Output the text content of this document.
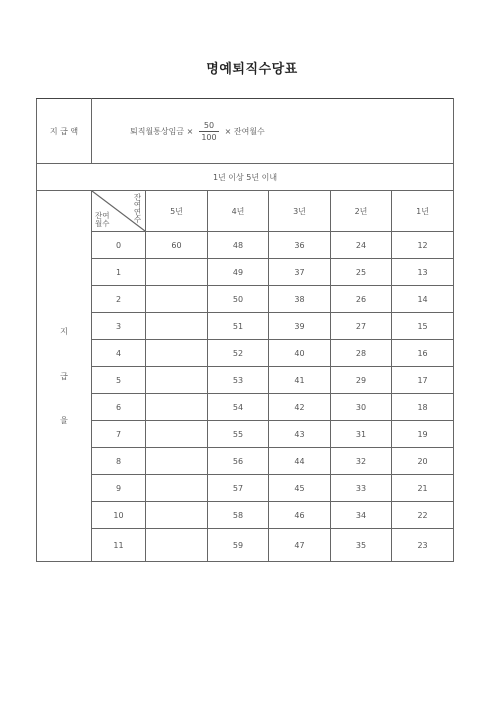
명예퇴직수당표
지 급 액	퇴직월통상임금 × $\frac{50}{100}$ × 잔여월수					

1년 이상 5년 이내						

지
급
율	잔여연수
잔여월수	5년	4년	3년	2년	1년
	0	60	48	36	24	12
	1		49	37	25	13
	2		50	38	26	14
	3		51	39	27	15
	4		52	40	28	16
	5		53	41	29	17
	6		54	42	30	18
	7		55	43	31	19
	8		56	44	32	20
	9		57	45	33	21
	10		58	46	34	22
	11		59	47	35	23
